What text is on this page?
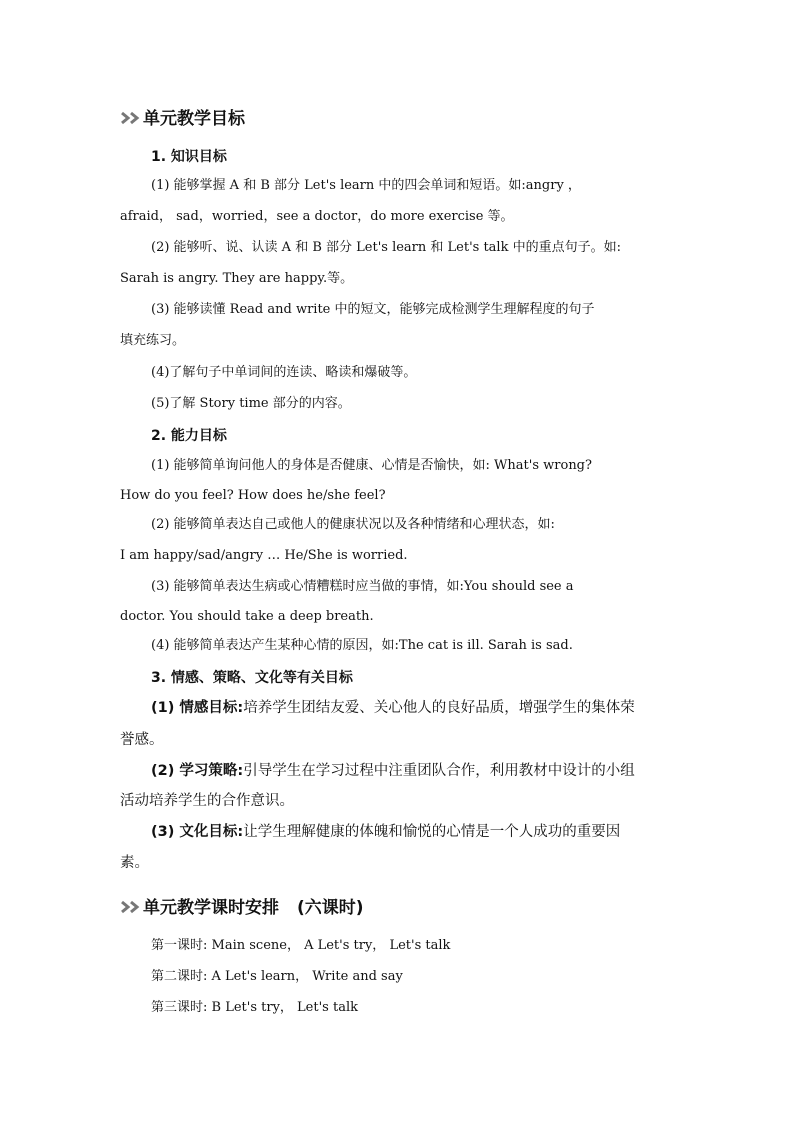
单元教学目标
1. 知识目标
(1) 能够掌握 A 和 B 部分 Let's learn 中的四会单词和短语。如:angry ，
afraid， sad，worried，see a doctor，do more exercise 等。
(2) 能够听、说、认读 A 和 B 部分 Let's learn 和 Let's talk 中的重点句子。如:
Sarah is angry. They are happy.等。
(3) 能够读懂 Read and write 中的短文，能够完成检测学生理解程度的句子
填充练习。
(4)了解句子中单词间的连读、略读和爆破等。
(5)了解 Story time 部分的内容。
2. 能力目标
(1) 能够简单询问他人的身体是否健康、心情是否愉快，如: What's wrong?
How do you feel? How does he/she feel?
(2) 能够简单表达自己或他人的健康状况以及各种情绪和心理状态，如:
I am happy/sad/angry … He/She is worried.
(3) 能够简单表达生病或心情糟糕时应当做的事情，如:You should see a
doctor. You should take a deep breath.
(4) 能够简单表达产生某种心情的原因，如:The cat is ill. Sarah is sad.
3. 情感、策略、文化等有关目标
(1) 情感目标:培养学生团结友爱、关心他人的良好品质，增强学生的集体荣
誉感。
(2) 学习策略:引导学生在学习过程中注重团队合作，利用教材中设计的小组
活动培养学生的合作意识。
(3) 文化目标:让学生理解健康的体魄和愉悦的心情是一个人成功的重要因
素。
单元教学课时安排 (六课时)
第一课时: Main scene， A Let's try， Let's talk
第二课时: A Let's learn， Write and say
第三课时: B Let's try， Let's talk
